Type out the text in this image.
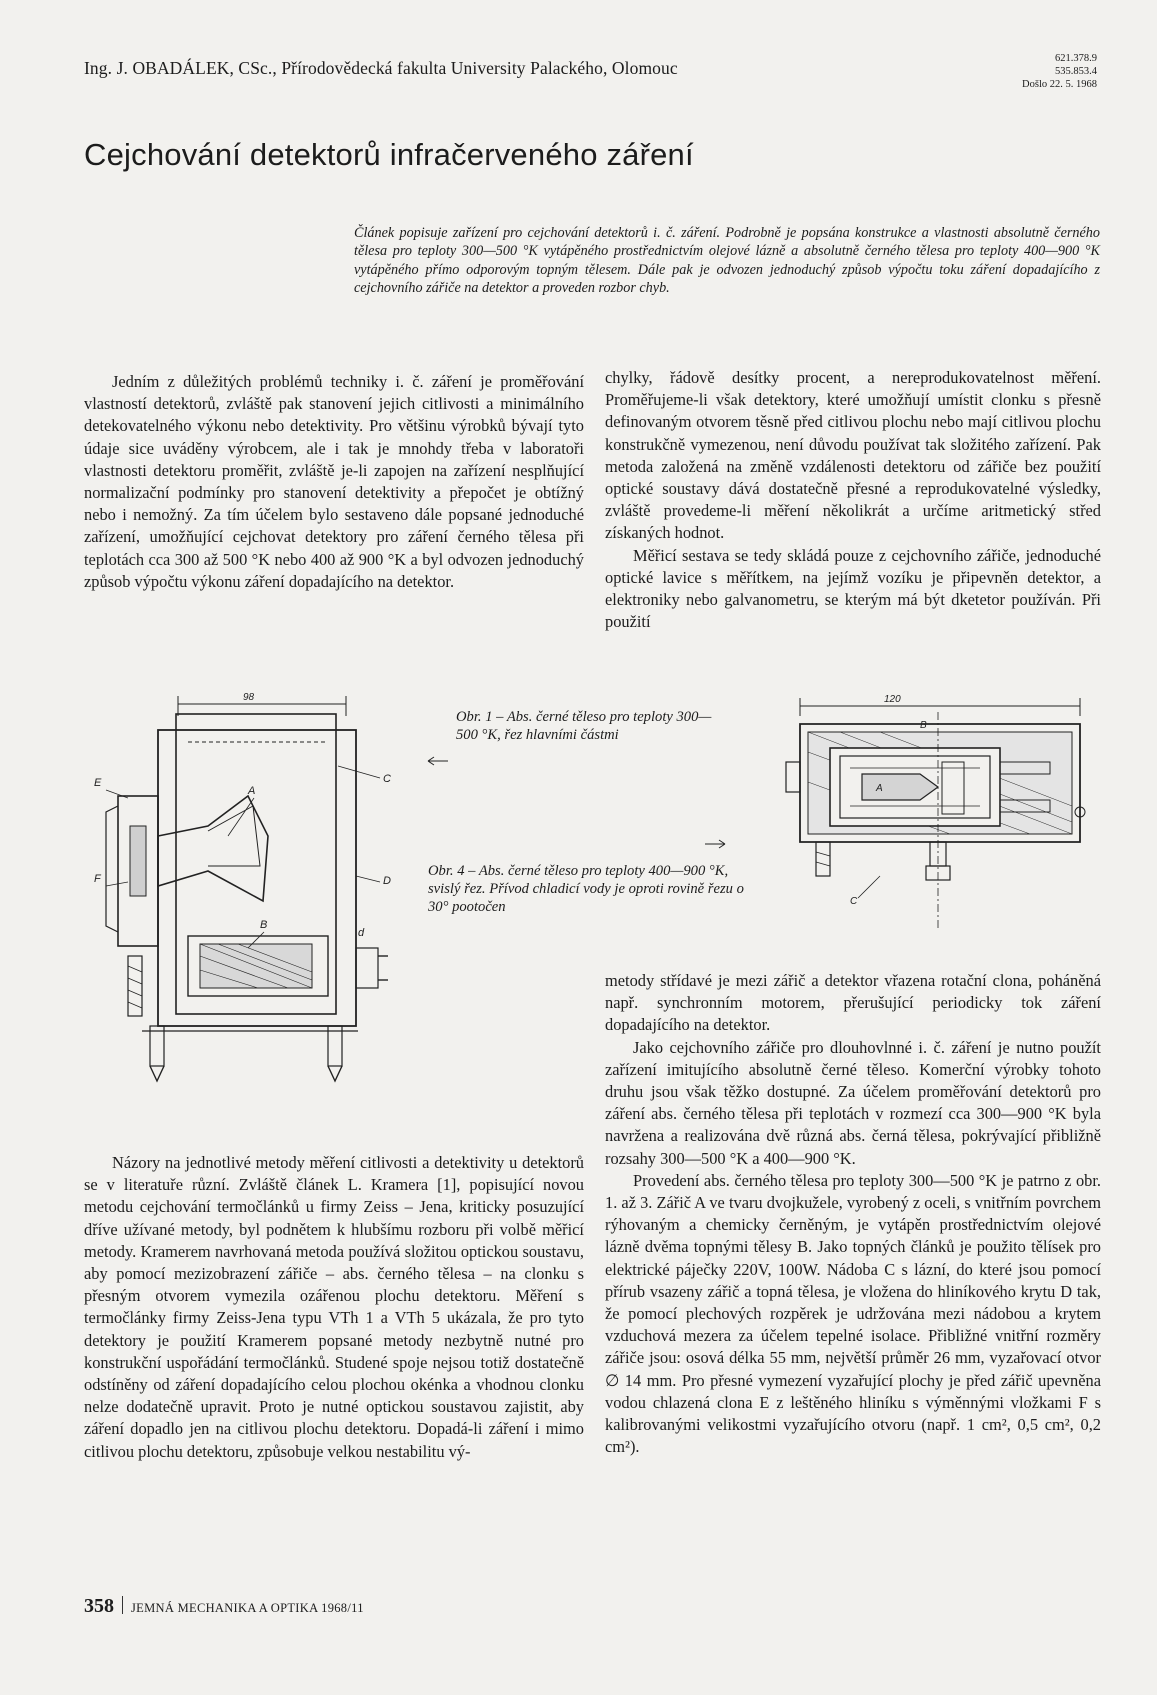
Ing. J. OBADÁLEK, CSc., Přírodovědecká fakulta University Palackého, Olomouc	621.378.9
535.853.4
Došlo 22. 5. 1968
Cejchování detektorů infračerveného záření
Článek popisuje zařízení pro cejchování detektorů i. č. záření. Podrobně je popsána konstrukce a vlastnosti absolutně černého tělesa pro teploty 300—500 °K vytápěného prostřednictvím olejové lázně a absolutně černého tělesa pro teploty 400—900 °K vytápěného přímo odporovým topným tělesem. Dále pak je odvozen jednoduchý způsob výpočtu toku záření dopadajícího z cejchovního zářiče na detektor a proveden rozbor chyb.

Jedním z důležitých problémů techniky i. č. záření je proměřování vlastností detektorů, zvláště pak stanovení jejich citlivosti a minimálního detekovatelného výkonu nebo detektivity. Pro většinu výrobků bývají tyto údaje sice uváděny výrobcem, ale i tak je mnohdy třeba v laboratoři vlastnosti detektoru proměřit, zvláště je-li zapojen na zařízení nesplňující normalizační podmínky pro stanovení detektivity a přepočet je obtížný nebo i nemožný. Za tím účelem bylo sestaveno dále popsané jednoduché zařízení, umožňující cejchovat detektory pro záření černého tělesa při teplotách cca 300 až 500 °K nebo 400 až 900 °K a byl odvozen jednoduchý způsob výpočtu výkonu záření dopadajícího na detektor.

chylky, řádově desítky procent, a nereprodukovatelnost měření. Proměřujeme-li však detektory, které umožňují umístit clonku s přesně definovaným otvorem těsně před citlivou plochu nebo mají citlivou plochu konstrukčně vymezenou, není důvodu používat tak složitého zařízení. Pak metoda založená na změně vzdálenosti detektoru od zářiče bez použití optické soustavy dává dostatečně přesné a reprodukovatelné výsledky, zvláště provedeme-li měření několikrát a určíme aritmetický střed získaných hodnot.

Měřicí sestava se tedy skládá pouze z cejchovního zářiče, jednoduché optické lavice s měřítkem, na jejímž vozíku je připevněn detektor, a elektroniky nebo galvanometru, se kterým má být dketetor používán. Při použití

metody střídavé je mezi zářič a detektor vřazena rotační clona, poháněná např. synchronním motorem, přerušující periodicky tok záření dopadajícího na detektor.

Jako cejchovního zářiče pro dlouhovlnné i. č. záření je nutno použít zařízení imitujícího absolutně černé těleso. Komerční výrobky tohoto druhu jsou však těžko dostupné. Za účelem proměřování detektorů pro záření abs. černého tělesa při teplotách v rozmezí cca 300—900 °K byla navržena a realizována dvě různá abs. černá tělesa, pokrývající přibližně rozsahy 300—500 °K a 400—900 °K.

Provedení abs. černého tělesa pro teploty 300—500 °K je patrno z obr. 1. až 3. Zářič A ve tvaru dvojkužele, vyrobený z oceli, s vnitřním povrchem rýhovaným a chemicky černěným, je vytápěn prostřednictvím olejové lázně dvěma topnými tělesy B. Jako topných článků je použito tělísek pro elektrické páječky 220V, 100W. Nádoba C s lázní, do které jsou pomocí přírub vsazeny zářič a topná tělesa, je vložena do hliníkového krytu D tak, že pomocí plechových rozpěrek je udržována mezi nádobou a krytem vzduchová mezera za účelem tepelné isolace. Přibližné vnitřní rozměry zářiče jsou: osová délka 55 mm, největší průměr 26 mm, vyzařovací otvor ∅ 14 mm. Pro přesné vymezení vyzařující plochy je před zářič upevněna vodou chlazená clona E z leštěného hliníku s výměnnými vložkami F s kalibrovanými velikostmi vyzařujícího otvoru (např. 1 cm², 0,5 cm², 0,2 cm²).

Názory na jednotlivé metody měření citlivosti a detektivity u detektorů se v literatuře různí. Zvláště článek L. Kramera [1], popisující novou metodu cejchování termočlánků u firmy Zeiss – Jena, kriticky posuzující dříve užívané metody, byl podnětem k hlubšímu rozboru při volbě měřicí metody. Kramerem navrhovaná metoda používá složitou optickou soustavu, aby pomocí mezizobrazení zářiče – abs. černého tělesa – na clonku s přesným otvorem vymezila ozářenou plochu detektoru. Měření s termočlánky firmy Zeiss-Jena typu VTh 1 a VTh 5 ukázala, že pro tyto detektory je použití Kramerem popsané metody nezbytně nutné pro konstrukční uspořádání termočlánků. Studené spoje nejsou totiž dostatečně odstíněny od záření dopadajícího celou plochou okénka a vhodnou clonku nelze dodatečně upravit. Proto je nutné optickou soustavou zajistit, aby záření dopadlo jen na citlivou plochu detektoru. Dopadá-li záření i mimo citlivou plochu detektoru, způsobuje velkou nestabilitu vý-

Obr. 1 – Abs. černé těleso pro teploty 300—500 °K, řez hlavními částmi
Obr. 4 – Abs. černé těleso pro teploty 400—900 °K, svislý řez. Přívod chladicí vody je oproti rovině řezu o 30° pootočen
98
E
F
A
B
C
D
d
120
B
A
C
358 JEMNÁ MECHANIKA A OPTIKA 1968/11
